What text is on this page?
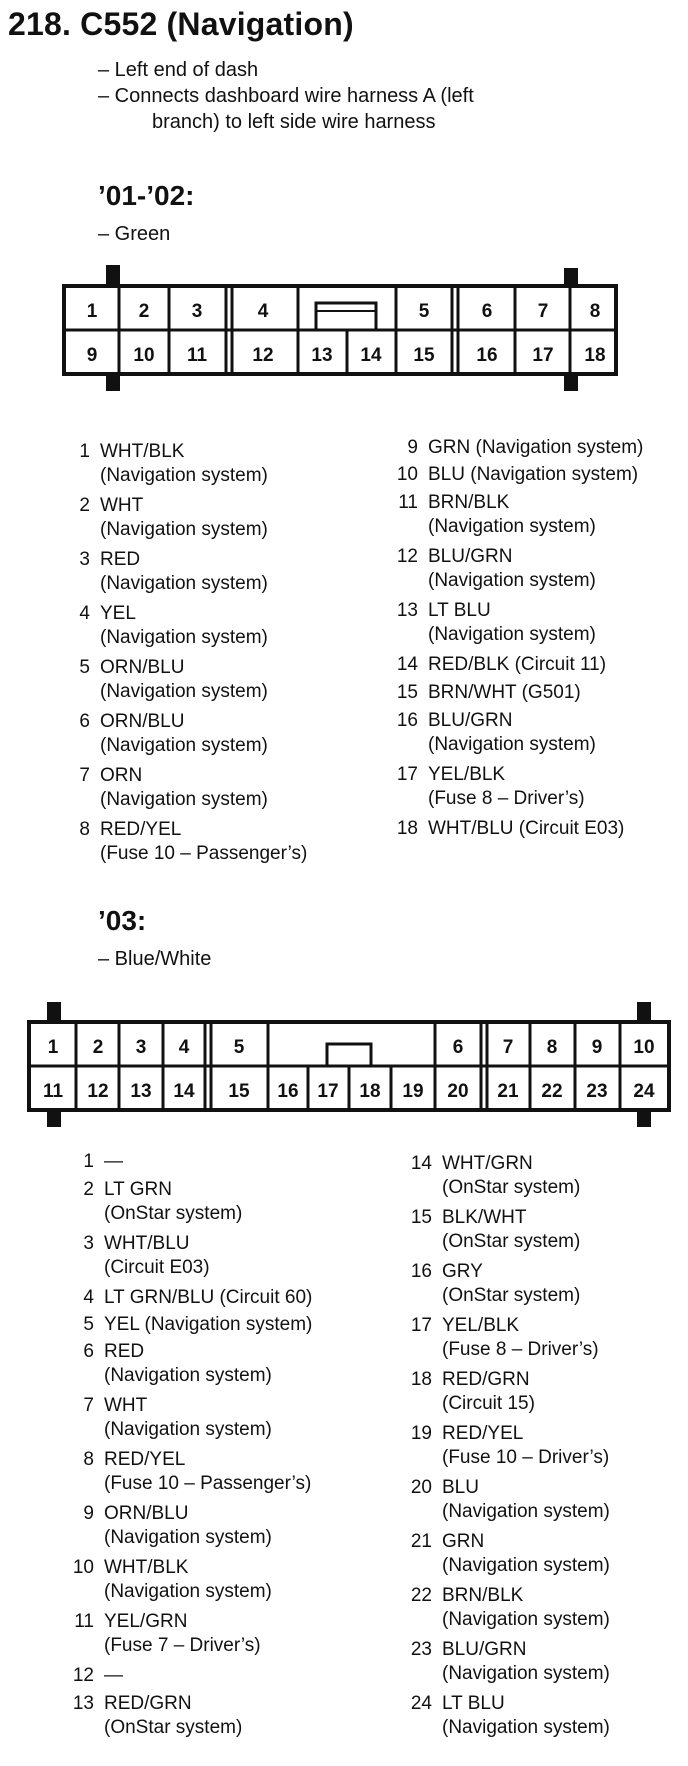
218. C552 (Navigation)
– Left end of dash
– Connects dashboard wire harness A (left
branch) to left side wire harness
’01-’02:
– Green
1 2 3	4	5	6 7 8
9 10 11 12 13 14 15 16 17 18
1 WHT/BLK
(Navigation system)
2 WHT
(Navigation system)
3 RED
(Navigation system)
4 YEL
(Navigation system)
5 ORN/BLU
(Navigation system)
6 ORN/BLU
(Navigation system)
7 ORN
(Navigation system)
8 RED/YEL
(Fuse 10 – Passenger’s)
9 GRN (Navigation system)
10 BLU (Navigation system)
11 BRN/BLK
(Navigation system)
12 BLU/GRN
(Navigation system)
13 LT BLU
(Navigation system)
14 RED/BLK (Circuit 11)
15 BRN/WHT (G501)
16 BLU/GRN
(Navigation system)
17 YEL/BLK
(Fuse 8 – Driver’s)
18 WHT/BLU (Circuit E03)
’03:
– Blue/White
1 2 3 4 5	6 7 8 9 10
11 12 13 14 15 16 17 18 19 20 21 22 23 24
1 —
2 LT GRN
(OnStar system)
3 WHT/BLU
(Circuit E03)
4 LT GRN/BLU (Circuit 60)
5 YEL (Navigation system)
6 RED
(Navigation system)
7 WHT
(Navigation system)
8 RED/YEL
(Fuse 10 – Passenger’s)
9 ORN/BLU
(Navigation system)
10 WHT/BLK
(Navigation system)
11 YEL/GRN
(Fuse 7 – Driver’s)
12 —
13 RED/GRN
(OnStar system)
14 WHT/GRN
(OnStar system)
15 BLK/WHT
(OnStar system)
16 GRY
(OnStar system)
17 YEL/BLK
(Fuse 8 – Driver’s)
18 RED/GRN
(Circuit 15)
19 RED/YEL
(Fuse 10 – Driver’s)
20 BLU
(Navigation system)
21 GRN
(Navigation system)
22 BRN/BLK
(Navigation system)
23 BLU/GRN
(Navigation system)
24 LT BLU
(Navigation system)
